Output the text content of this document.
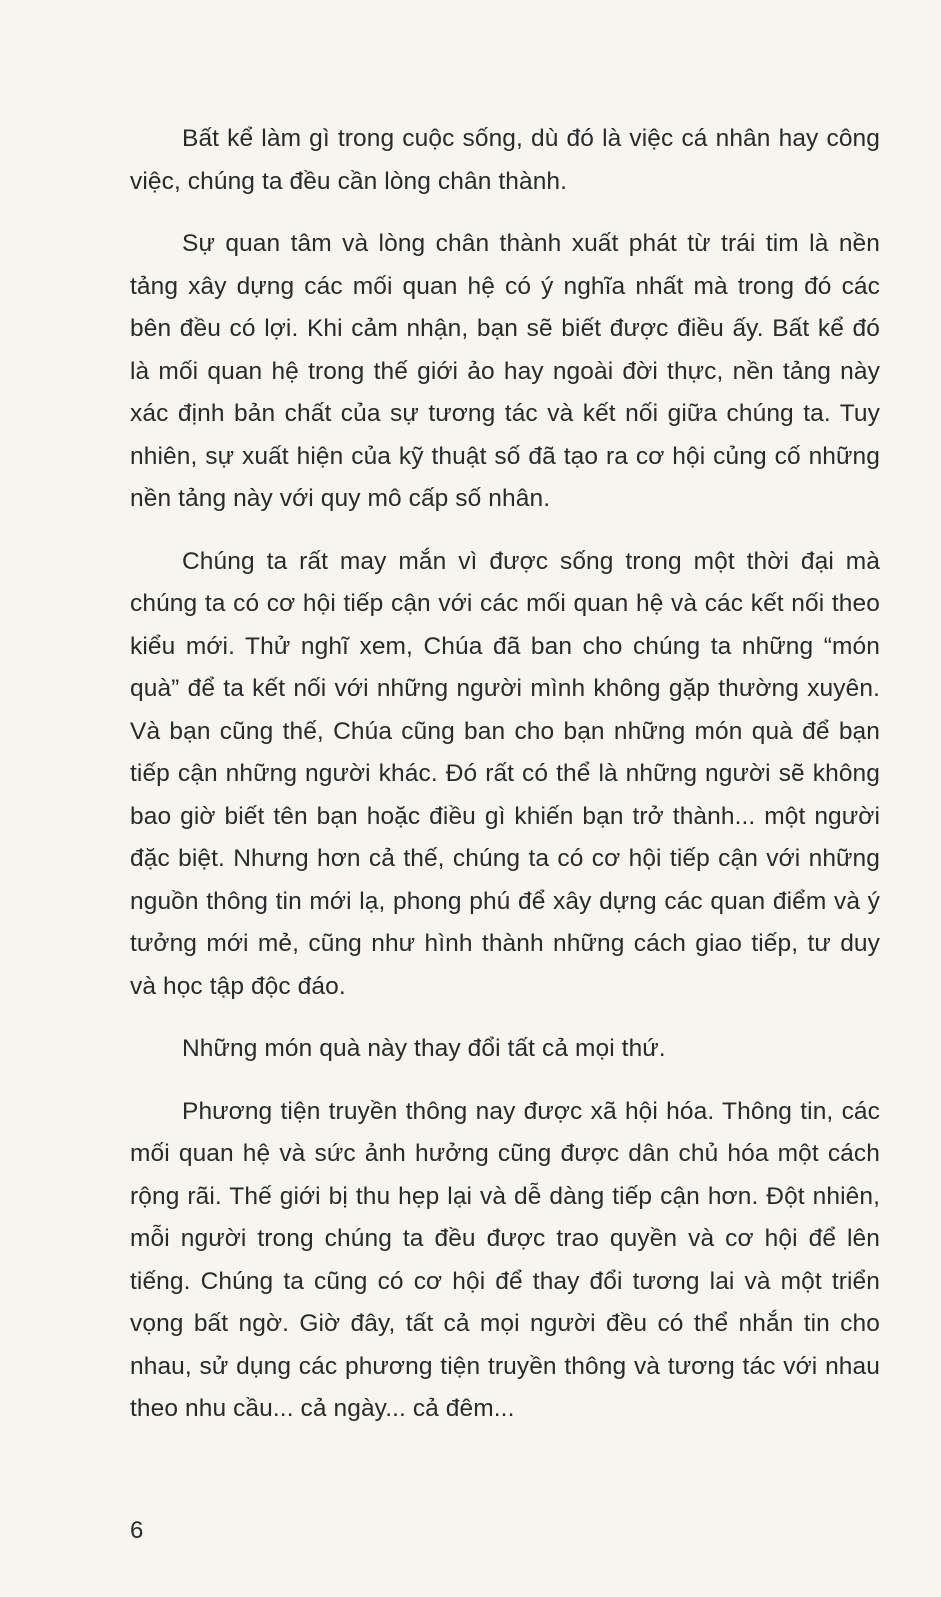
Bất kể làm gì trong cuộc sống, dù đó là việc cá nhân hay công việc, chúng ta đều cần lòng chân thành.

Sự quan tâm và lòng chân thành xuất phát từ trái tim là nền tảng xây dựng các mối quan hệ có ý nghĩa nhất mà trong đó các bên đều có lợi. Khi cảm nhận, bạn sẽ biết được điều ấy. Bất kể đó là mối quan hệ trong thế giới ảo hay ngoài đời thực, nền tảng này xác định bản chất của sự tương tác và kết nối giữa chúng ta. Tuy nhiên, sự xuất hiện của kỹ thuật số đã tạo ra cơ hội củng cố những nền tảng này với quy mô cấp số nhân.

Chúng ta rất may mắn vì được sống trong một thời đại mà chúng ta có cơ hội tiếp cận với các mối quan hệ và các kết nối theo kiểu mới. Thử nghĩ xem, Chúa đã ban cho chúng ta những “món quà” để ta kết nối với những người mình không gặp thường xuyên. Và bạn cũng thế, Chúa cũng ban cho bạn những món quà để bạn tiếp cận những người khác. Đó rất có thể là những người sẽ không bao giờ biết tên bạn hoặc điều gì khiến bạn trở thành... một người đặc biệt. Nhưng hơn cả thế, chúng ta có cơ hội tiếp cận với những nguồn thông tin mới lạ, phong phú để xây dựng các quan điểm và ý tưởng mới mẻ, cũng như hình thành những cách giao tiếp, tư duy và học tập độc đáo.

Những món quà này thay đổi tất cả mọi thứ.

Phương tiện truyền thông nay được xã hội hóa. Thông tin, các mối quan hệ và sức ảnh hưởng cũng được dân chủ hóa một cách rộng rãi. Thế giới bị thu hẹp lại và dễ dàng tiếp cận hơn. Đột nhiên, mỗi người trong chúng ta đều được trao quyền và cơ hội để lên tiếng. Chúng ta cũng có cơ hội để thay đổi tương lai và một triển vọng bất ngờ. Giờ đây, tất cả mọi người đều có thể nhắn tin cho nhau, sử dụng các phương tiện truyền thông và tương tác với nhau theo nhu cầu... cả ngày... cả đêm...

6
